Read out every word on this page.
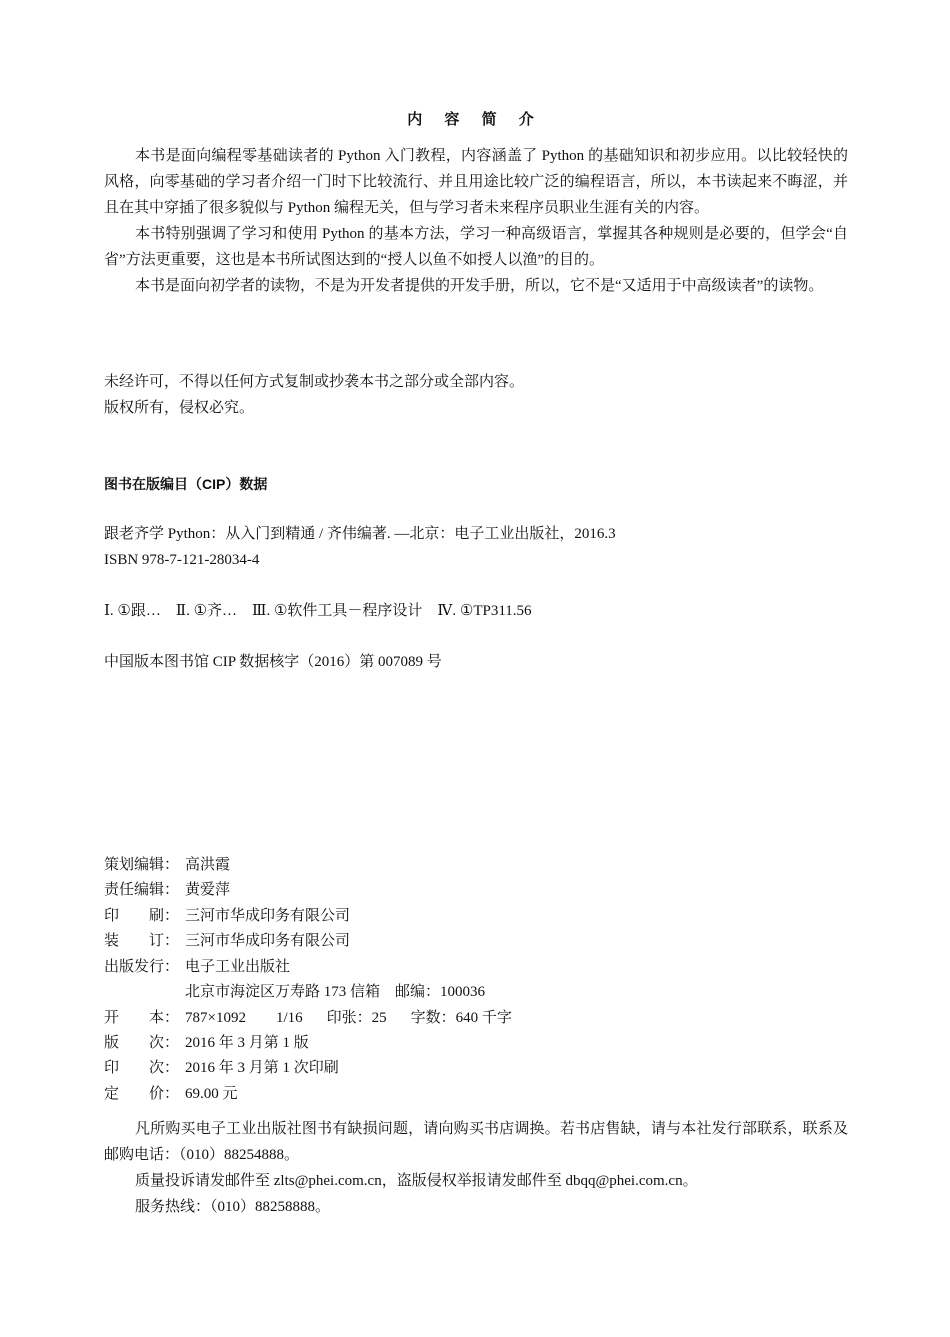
内 容 简 介

本书是面向编程零基础读者的 Python 入门教程，内容涵盖了 Python 的基础知识和初步应用。以比较轻快的风格，向零基础的学习者介绍一门时下比较流行、并且用途比较广泛的编程语言，所以，本书读起来不晦涩，并且在其中穿插了很多貌似与 Python 编程无关，但与学习者未来程序员职业生涯有关的内容。

本书特别强调了学习和使用 Python 的基本方法，学习一种高级语言，掌握其各种规则是必要的，但学会“自省”方法更重要，这也是本书所试图达到的“授人以鱼不如授人以渔”的目的。

本书是面向初学者的读物，不是为开发者提供的开发手册，所以，它不是“又适用于中高级读者”的读物。

未经许可，不得以任何方式复制或抄袭本书之部分或全部内容。

版权所有，侵权必究。

图书在版编目（CIP）数据

跟老齐学 Python：从入门到精通 / 齐伟编著. —北京：电子工业出版社，2016.3

ISBN 978-7-121-28034-4

Ⅰ. ①跟…　Ⅱ. ①齐…　Ⅲ. ①软件工具－程序设计　Ⅳ. ①TP311.56

中国版本图书馆 CIP 数据核字（2016）第 007089 号

策划编辑： 高洪霞
责任编辑： 黄爱萍
印　　刷： 三河市华成印务有限公司
装　　订： 三河市华成印务有限公司
出版发行： 电子工业出版社
北京市海淀区万寿路 173 信箱　邮编：100036
开　　本： 787×1092　　1/16 印张：25 字数：640 千字
版　　次： 2016 年 3 月第 1 版
印　　次： 2016 年 3 月第 1 次印刷
定　　价： 69.00 元

凡所购买电子工业出版社图书有缺损问题，请向购买书店调换。若书店售缺，请与本社发行部联系，联系及邮购电话：（010）88254888。

质量投诉请发邮件至 zlts@phei.com.cn，盗版侵权举报请发邮件至 dbqq@phei.com.cn。

服务热线：（010）88258888。
